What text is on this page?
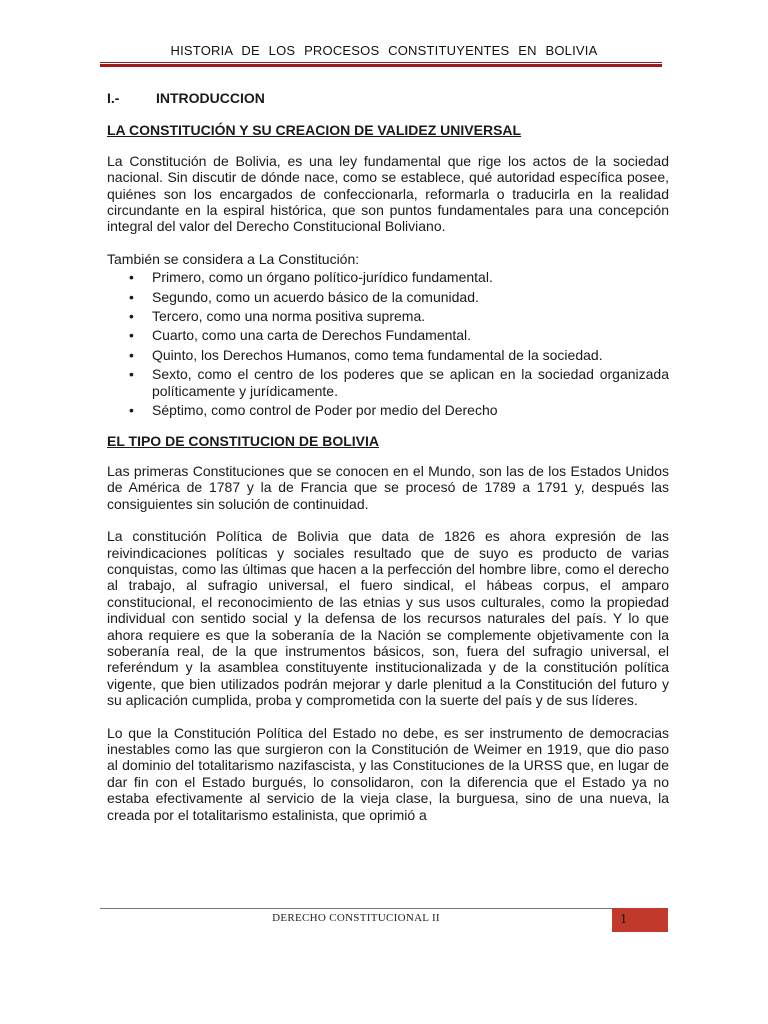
HISTORIA DE LOS PROCESOS CONSTITUYENTES EN BOLIVIA
I.-	INTRODUCCION
LA CONSTITUCIÓN Y SU CREACION DE VALIDEZ UNIVERSAL

La Constitución de Bolivia, es una ley fundamental que rige los actos de la sociedad nacional. Sin discutir de dónde nace, como se establece, qué autoridad específica posee, quiénes son los encargados de confeccionarla, reformarla o traducirla en la realidad circundante en la espiral histórica, que son puntos fundamentales para una concepción integral del valor del Derecho Constitucional Boliviano.

También se considera a La Constitución:

• Primero, como un órgano político-jurídico fundamental.
• Segundo, como un acuerdo básico de la comunidad.
• Tercero, como una norma positiva suprema.
• Cuarto, como una carta de Derechos Fundamental.
• Quinto, los Derechos Humanos, como tema fundamental de la sociedad.
• Sexto, como el centro de los poderes que se aplican en la sociedad organizada políticamente y jurídicamente.
• Séptimo, como control de Poder por medio del Derecho
EL TIPO DE CONSTITUCION DE BOLIVIA

Las primeras Constituciones que se conocen en el Mundo, son las de los Estados Unidos de América de 1787 y la de Francia que se procesó de 1789 a 1791 y, después las consiguientes sin solución de continuidad.

La constitución Política de Bolivia que data de 1826 es ahora expresión de las reivindicaciones políticas y sociales resultado que de suyo es producto de varias conquistas, como las últimas que hacen a la perfección del hombre libre, como el derecho al trabajo, al sufragio universal, el fuero sindical, el hábeas corpus, el amparo constitucional, el reconocimiento de las etnias y sus usos culturales, como la propiedad individual con sentido social y la defensa de los recursos naturales del país. Y lo que ahora requiere es que la soberanía de la Nación se complemente objetivamente con la soberanía real, de la que instrumentos básicos, son, fuera del sufragio universal, el referéndum y la asamblea constituyente institucionalizada y de la constitución política vigente, que bien utilizados podrán mejorar y darle plenitud a la Constitución del futuro y su aplicación cumplida, proba y comprometida con la suerte del país y de sus líderes.

Lo que la Constitución Política del Estado no debe, es ser instrumento de democracias inestables como las que surgieron con la Constitución de Weimer en 1919, que dio paso al dominio del totalitarismo nazifascista, y las Constituciones de la URSS que, en lugar de dar fin con el Estado burgués, lo consolidaron, con la diferencia que el Estado ya no estaba efectivamente al servicio de la vieja clase, la burguesa, sino de una nueva, la creada por el totalitarismo estalinista, que oprimió a

DERECHO CONSTITUCIONAL II	1
